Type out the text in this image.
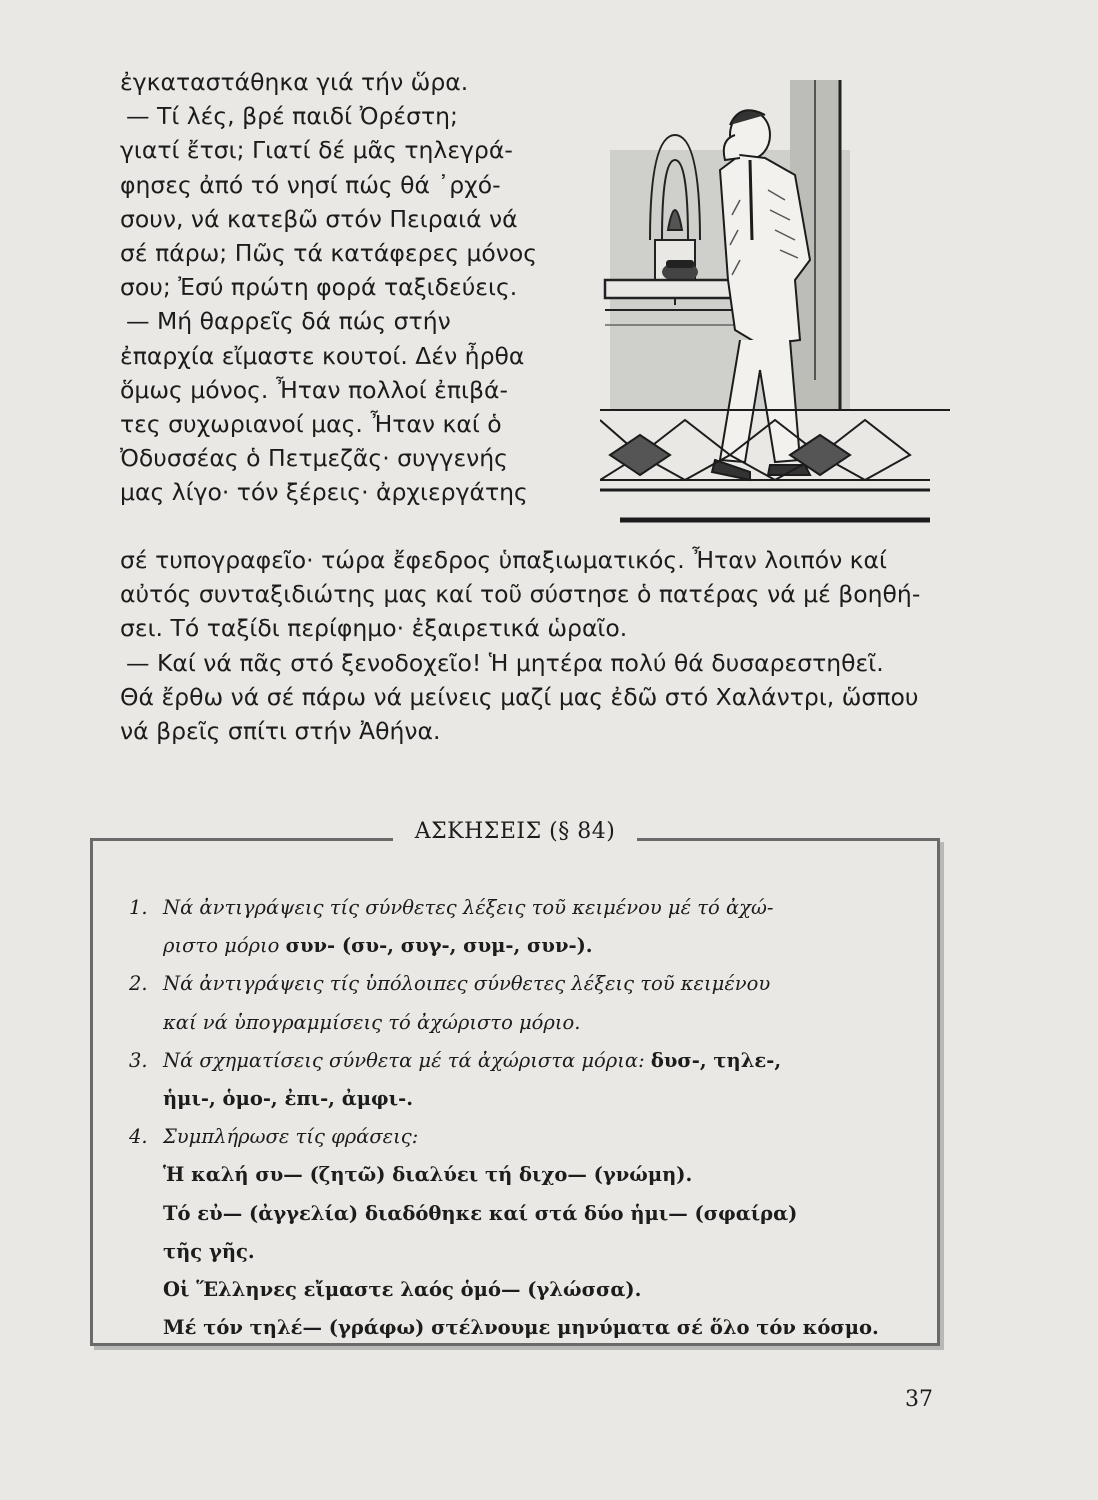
ἐγκαταστάθηκα γιά τήν ὥρα.
— Τί λές, βρέ παιδί Ὀρέστη;
γιατί ἔτσι; Γιατί δέ μᾶς τηλεγρά-
φησες ἀπό τό νησί πώς θά ᾿ρχό-
σουν, νά κατεβῶ στόν Πειραιά νά
σέ πάρω; Πῶς τά κατάφερες μόνος
σου; Ἐσύ πρώτη φορά ταξιδεύεις.
— Μή θαρρεῖς δά πώς στήν
ἐπαρχία εἴμαστε κουτοί. Δέν ἦρθα
ὅμως μόνος. Ἦταν πολλοί ἐπιβά-
τες συχωριανοί μας. Ἦταν καί ὁ
Ὀδυσσέας ὁ Πετμεζᾶς· συγγενής
μας λίγο· τόν ξέρεις· ἀρχιεργάτης
σέ τυπογραφεῖο· τώρα ἔφεδρος ὑπαξιωματικός. Ἦταν λοιπόν καί
αὐτός συνταξιδιώτης μας καί τοῦ σύστησε ὁ πατέρας νά μέ βοηθή-
σει. Τό ταξίδι περίφημο· ἐξαιρετικά ὡραῖο.
— Καί νά πᾶς στό ξενοδοχεῖο! Ἡ μητέρα πολύ θά δυσαρεστηθεῖ.
Θά ἔρθω νά σέ πάρω νά μείνεις μαζί μας ἐδῶ στό Χαλάντρι, ὥσπου
νά βρεῖς σπίτι στήν Ἀθήνα.
ΑΣΚΗΣΕΙΣ (§ 84)
1. Νά ἀντιγράψεις τίς σύνθετες λέξεις τοῦ κειμένου μέ τό ἀχώ-
ριστο μόριο συν- (συ-, συγ-, συμ-, συν-).
2. Νά ἀντιγράψεις τίς ὑπόλοιπες σύνθετες λέξεις τοῦ κειμένου
καί νά ὑπογραμμίσεις τό ἀχώριστο μόριο.
3. Νά σχηματίσεις σύνθετα μέ τά ἀχώριστα μόρια: δυσ-, τηλε-,
ἡμι-, ὁμο-, ἐπι-, ἀμφι-.
4. Συμπλήρωσε τίς φράσεις:
Ἡ καλή συ— (ζητῶ) διαλύει τή διχο— (γνώμη).
Τό εὐ— (ἀγγελία) διαδόθηκε καί στά δύο ἡμι— (σφαίρα)
τῆς γῆς.
Οἱ Ἕλληνες εἴμαστε λαός ὁμό— (γλώσσα).
Μέ τόν τηλέ— (γράφω) στέλνουμε μηνύματα σέ ὅλο τόν κόσμο.
37
